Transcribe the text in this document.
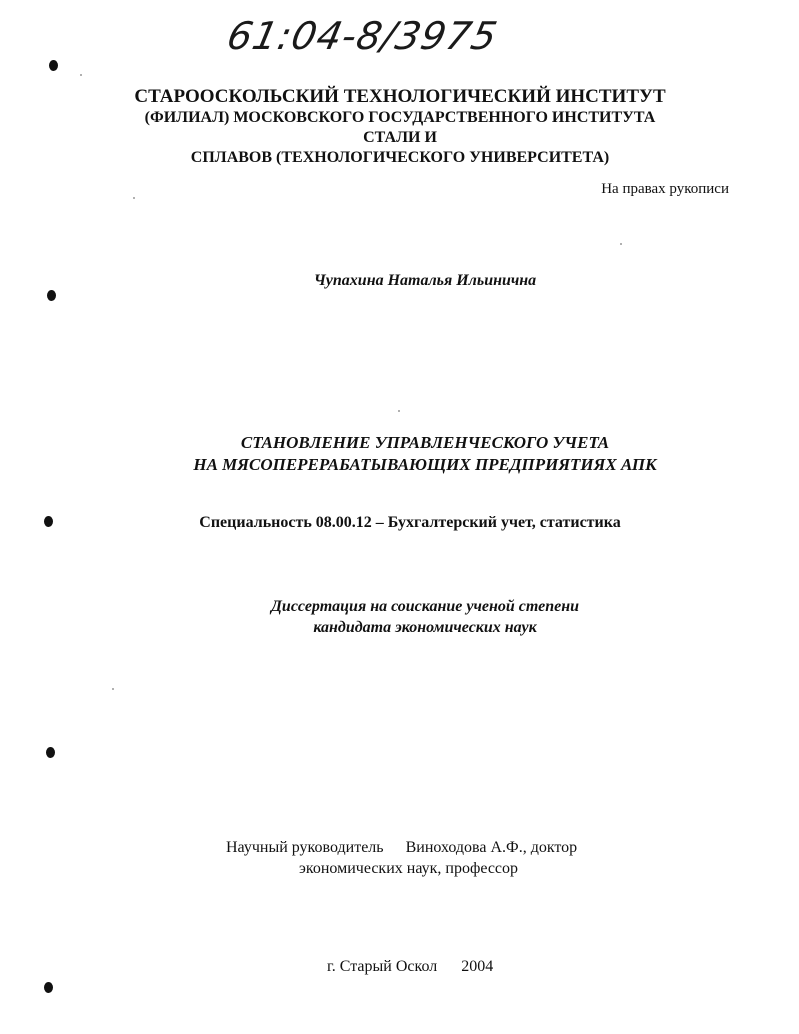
61:04-8/3975
СТАРООСКОЛЬСКИЙ ТЕХНОЛОГИЧЕСКИЙ ИНСТИТУТ
(ФИЛИАЛ) МОСКОВСКОГО ГОСУДАРСТВЕННОГО ИНСТИТУТА СТАЛИ И
СПЛАВОВ (ТЕХНОЛОГИЧЕСКОГО УНИВЕРСИТЕТА)
На правах рукописи
Чупахина Наталья Ильинична
СТАНОВЛЕНИЕ УПРАВЛЕНЧЕСКОГО УЧЕТА
НА МЯСОПЕРЕРАБАТЫВАЮЩИХ ПРЕДПРИЯТИЯХ АПК
Специальность 08.00.12 – Бухгалтерский учет, статистика
Диссертация на соискание ученой степени
кандидата экономических наук
Научный руководитель Виноходова А.Ф., доктор
экономических наук, профессор
г. Старый Оскол 2004
